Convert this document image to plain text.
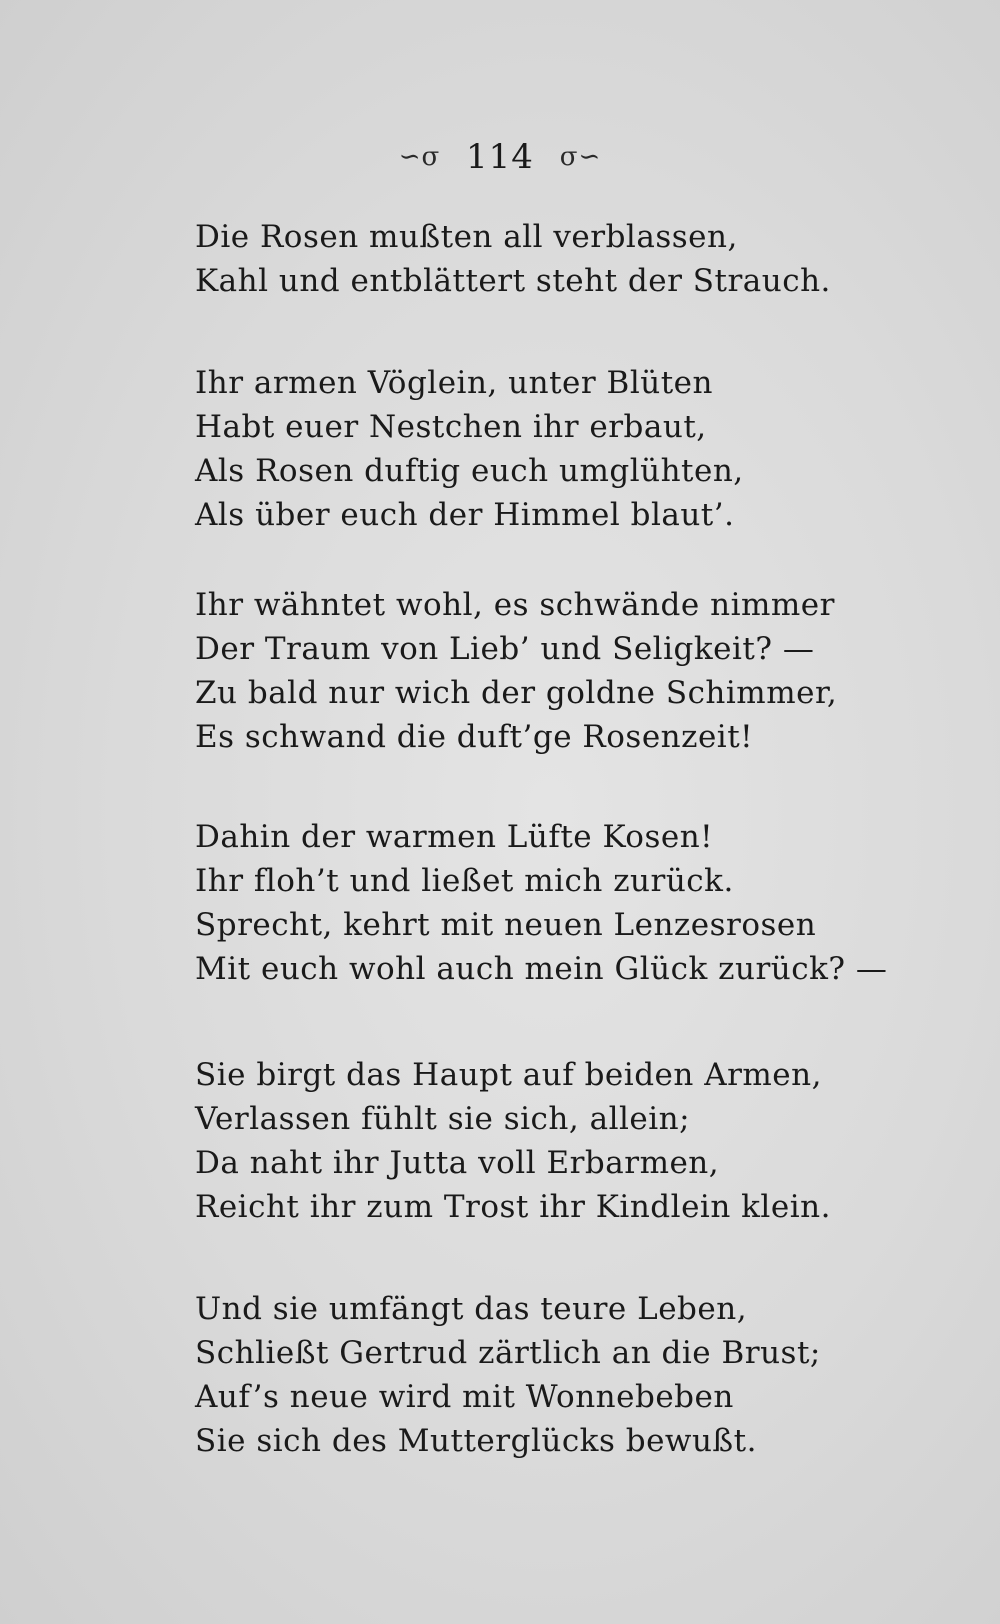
∽σ 114 σ∽
Die Rosen mußten all verblassen,
Kahl und entblättert steht der Strauch.
Ihr armen Vöglein, unter Blüten
Habt euer Nestchen ihr erbaut,
Als Rosen duftig euch umglühten,
Als über euch der Himmel blaut’.
Ihr wähntet wohl, es schwände nimmer
Der Traum von Lieb’ und Seligkeit? —
Zu bald nur wich der goldne Schimmer,
Es schwand die duft’ge Rosenzeit!
Dahin der warmen Lüfte Kosen!
Ihr floh’t und ließet mich zurück.
Sprecht, kehrt mit neuen Lenzesrosen
Mit euch wohl auch mein Glück zurück? —
Sie birgt das Haupt auf beiden Armen,
Verlassen fühlt sie sich, allein;
Da naht ihr Jutta voll Erbarmen,
Reicht ihr zum Trost ihr Kindlein klein.
Und sie umfängt das teure Leben,
Schließt Gertrud zärtlich an die Brust;
Auf’s neue wird mit Wonnebeben
Sie sich des Mutterglücks bewußt.
